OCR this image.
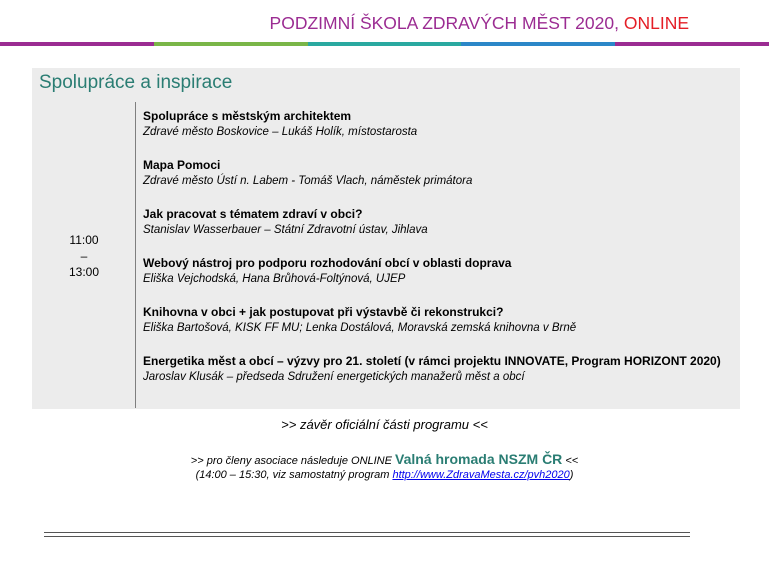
PODZIMNÍ ŠKOLA ZDRAVÝCH MĚST 2020, ONLINE
Spolupráce a inspirace
11:00
–
13:00
Spolupráce s městským architektem
Zdravé město Boskovice – Lukáš Holík, místostarosta
Mapa Pomoci
Zdravé město Ústí n. Labem - Tomáš Vlach, náměstek primátora
Jak pracovat s tématem zdraví v obci?
Stanislav Wasserbauer – Státní Zdravotní ústav, Jihlava
Webový nástroj pro podporu rozhodování obcí v oblasti doprava
Eliška Vejchodská, Hana Brůhová-Foltýnová, UJEP
Knihovna v obci + jak postupovat při výstavbě či rekonstrukci?
Eliška Bartošová, KISK FF MU; Lenka Dostálová, Moravská zemská knihovna v Brně
Energetika měst a obcí – výzvy pro 21. století (v rámci projektu INNOVATE, Program HORIZONT 2020)
Jaroslav Klusák – předseda Sdružení energetických manažerů měst a obcí
>> závěr oficiální části programu <<
>> pro členy asociace následuje ONLINE Valná hromada NSZM ČR <<
(14:00 – 15:30, viz samostatný program http://www.ZdravaMesta.cz/pvh2020)
